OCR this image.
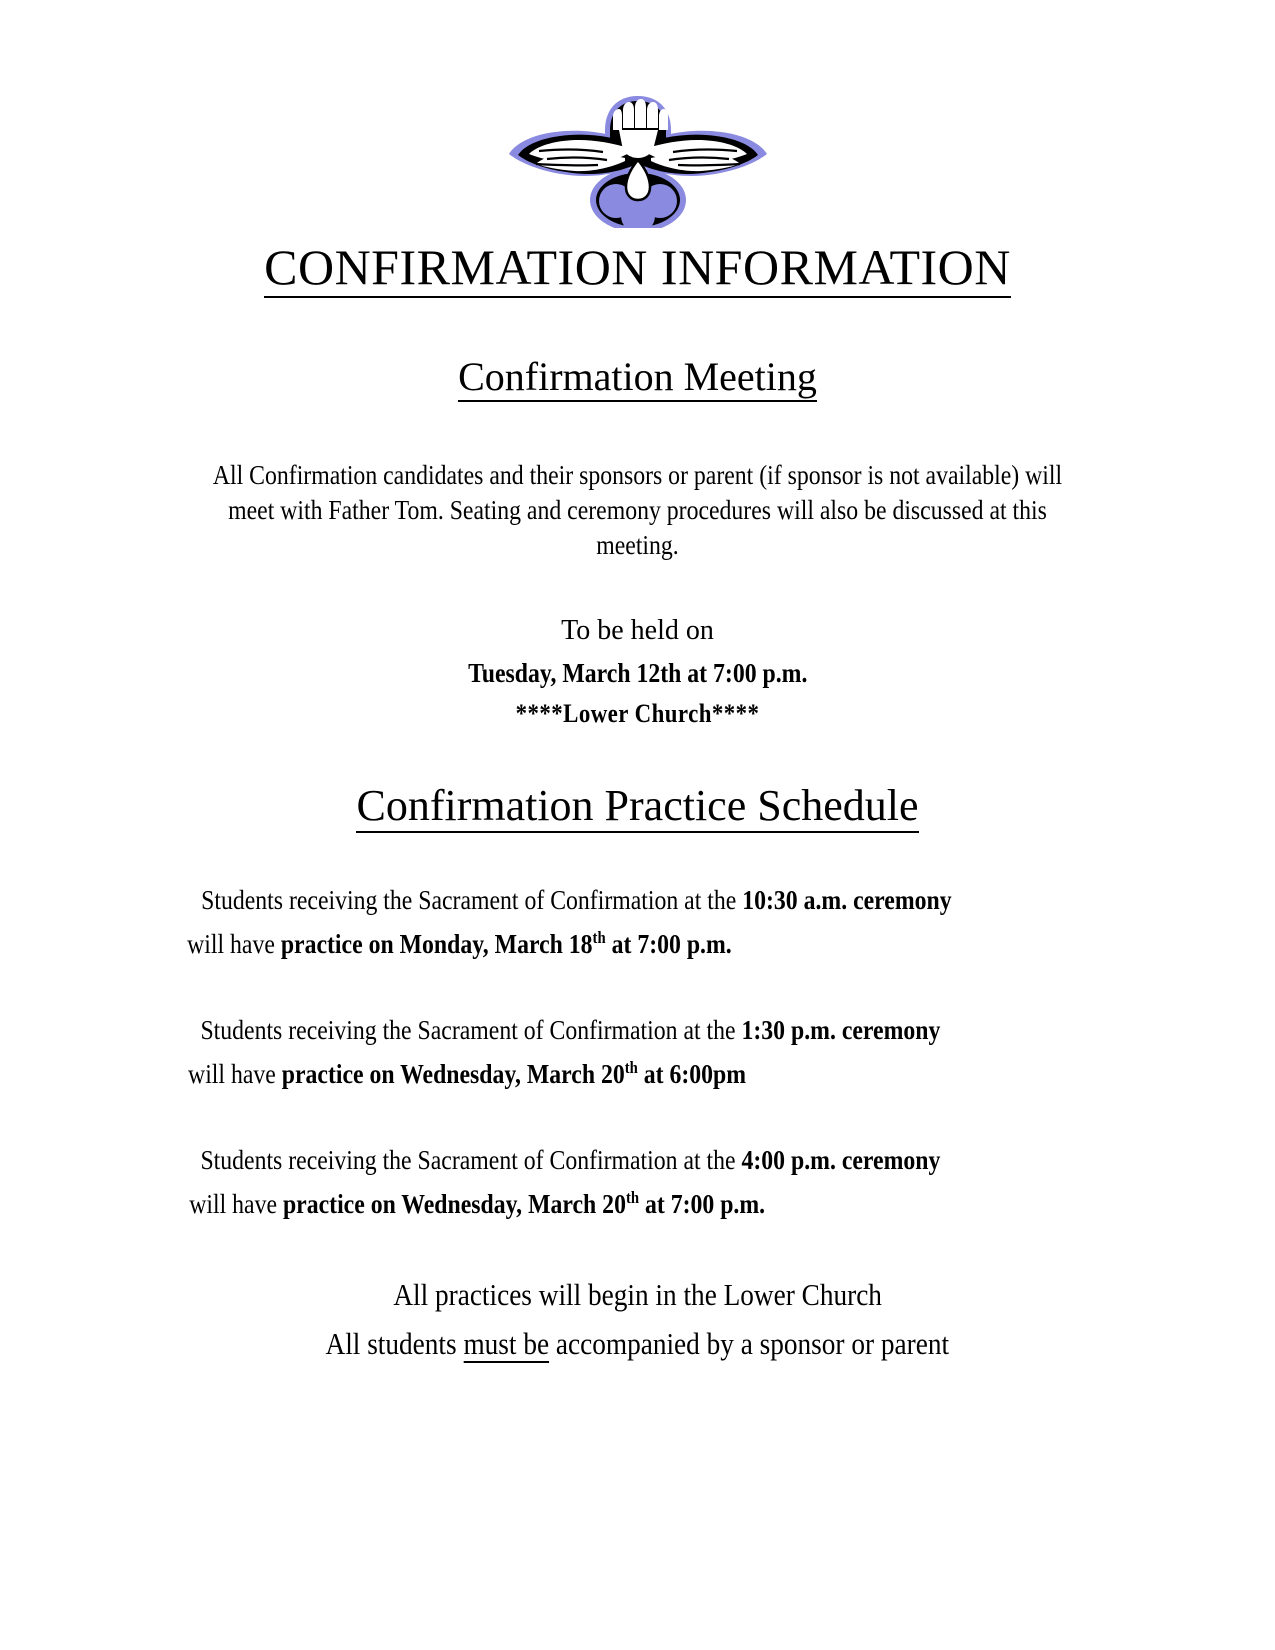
CONFIRMATION INFORMATION
Confirmation Meeting
All Confirmation candidates and their sponsors or parent (if sponsor is not available) will meet with Father Tom. Seating and ceremony procedures will also be discussed at this meeting.
To be held on
Tuesday, March 12th at 7:00 p.m.
****Lower Church****
Confirmation Practice Schedule
Students receiving the Sacrament of Confirmation at the 10:30 a.m. ceremony
will have practice on Monday, March 18th at 7:00 p.m.
Students receiving the Sacrament of Confirmation at the 1:30 p.m. ceremony
will have practice on Wednesday, March 20th at 6:00pm
Students receiving the Sacrament of Confirmation at the 4:00 p.m. ceremony
will have practice on Wednesday, March 20th at 7:00 p.m.
All practices will begin in the Lower Church
All students must be accompanied by a sponsor or parent
